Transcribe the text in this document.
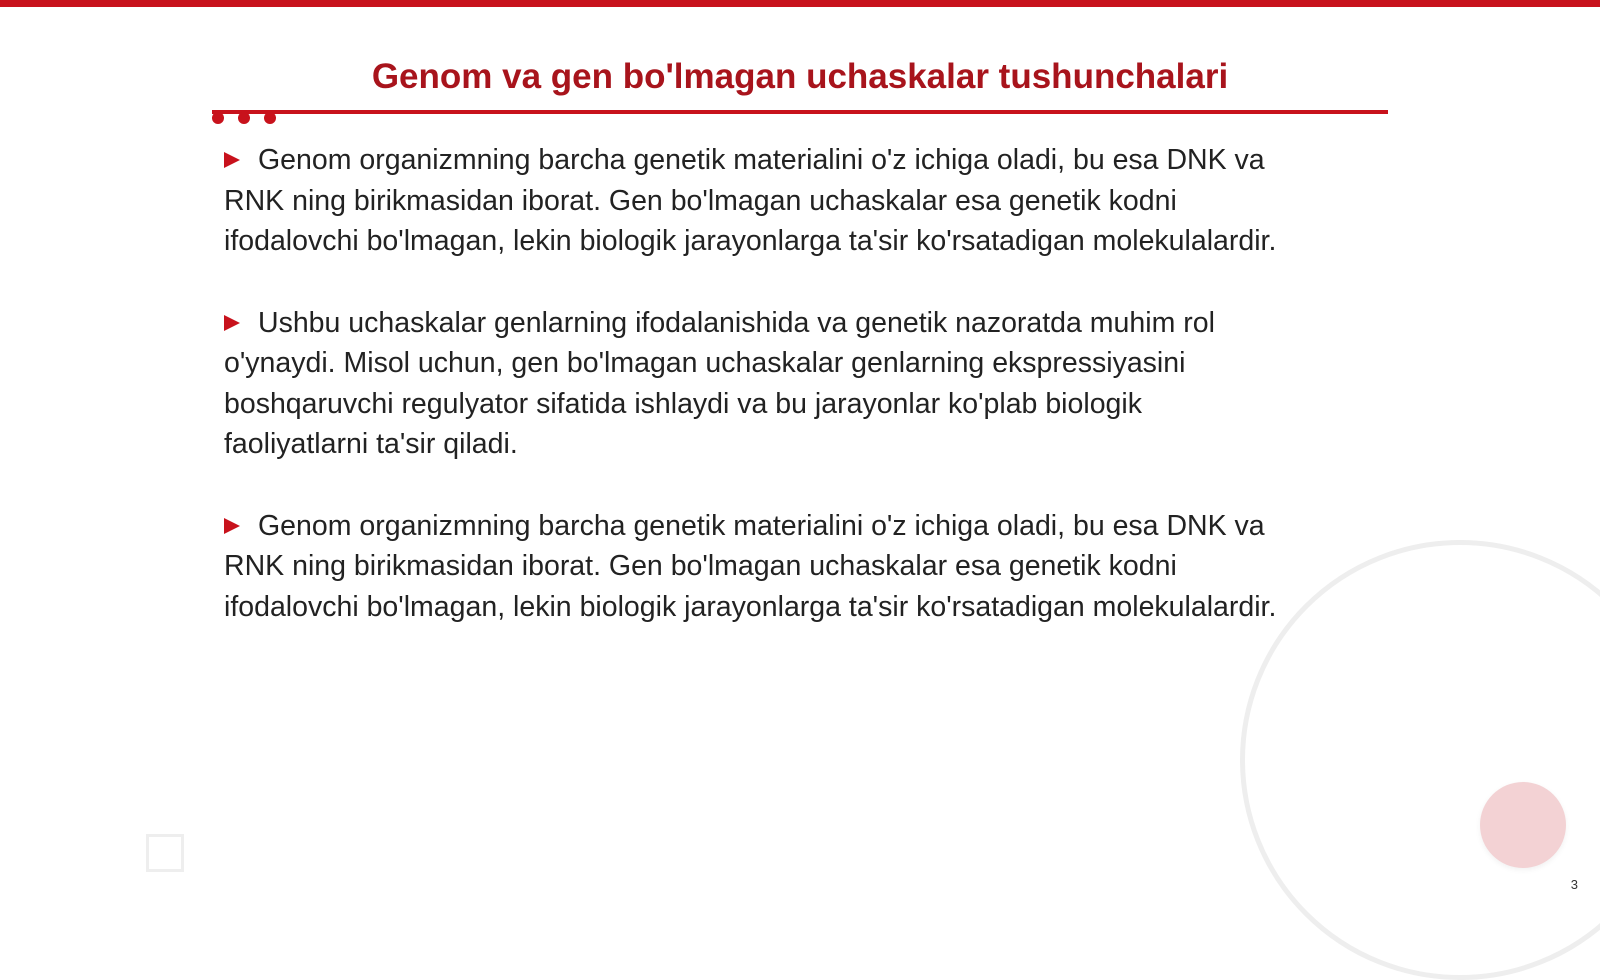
Genom va gen bo'lmagan uchaskalar tushunchalari

Genom organizmning barcha genetik materialini o'z ichiga oladi, bu esa DNK va
RNK ning birikmasidan iborat. Gen bo'lmagan uchaskalar esa genetik kodni
ifodalovchi bo'lmagan, lekin biologik jarayonlarga ta'sir ko'rsatadigan molekulalardir.

Ushbu uchaskalar genlarning ifodalanishida va genetik nazoratda muhim rol
o'ynaydi. Misol uchun, gen bo'lmagan uchaskalar genlarning ekspressiyasini
boshqaruvchi regulyator sifatida ishlaydi va bu jarayonlar ko'plab biologik
faoliyatlarni ta'sir qiladi.

Genom organizmning barcha genetik materialini o'z ichiga oladi, bu esa DNK va
RNK ning birikmasidan iborat. Gen bo'lmagan uchaskalar esa genetik kodni
ifodalovchi bo'lmagan, lekin biologik jarayonlarga ta'sir ko'rsatadigan molekulalardir.

3
